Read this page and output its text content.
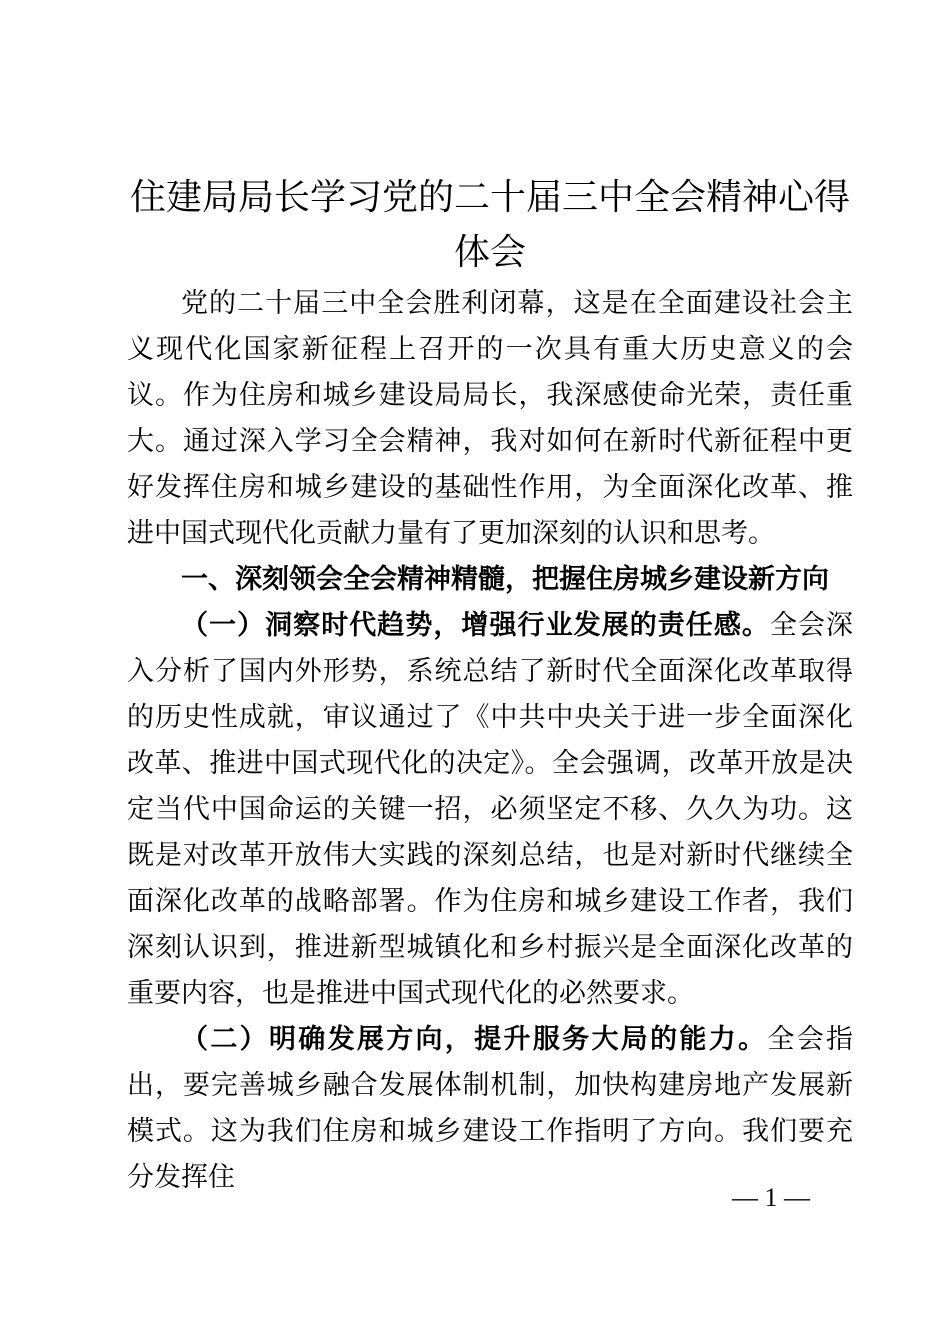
住建局局长学习党的二十届三中全会精神心得体会

党的二十届三中全会胜利闭幕，这是在全面建设社会主义现代化国家新征程上召开的一次具有重大历史意义的会议。作为住房和城乡建设局局长，我深感使命光荣，责任重大。通过深入学习全会精神，我对如何在新时代新征程中更好发挥住房和城乡建设的基础性作用，为全面深化改革、推进中国式现代化贡献力量有了更加深刻的认识和思考。

一、深刻领会全会精神精髓，把握住房城乡建设新方向

（一）洞察时代趋势，增强行业发展的责任感。全会深入分析了国内外形势，系统总结了新时代全面深化改革取得的历史性成就，审议通过了《中共中央关于进一步全面深化改革、推进中国式现代化的决定》。全会强调，改革开放是决定当代中国命运的关键一招，必须坚定不移、久久为功。这既是对改革开放伟大实践的深刻总结，也是对新时代继续全面深化改革的战略部署。作为住房和城乡建设工作者，我们深刻认识到，推进新型城镇化和乡村振兴是全面深化改革的重要内容，也是推进中国式现代化的必然要求。

（二）明确发展方向，提升服务大局的能力。全会指出，要完善城乡融合发展体制机制，加快构建房地产发展新模式。这为我们住房和城乡建设工作指明了方向。我们要充分发挥住

— 1 —
